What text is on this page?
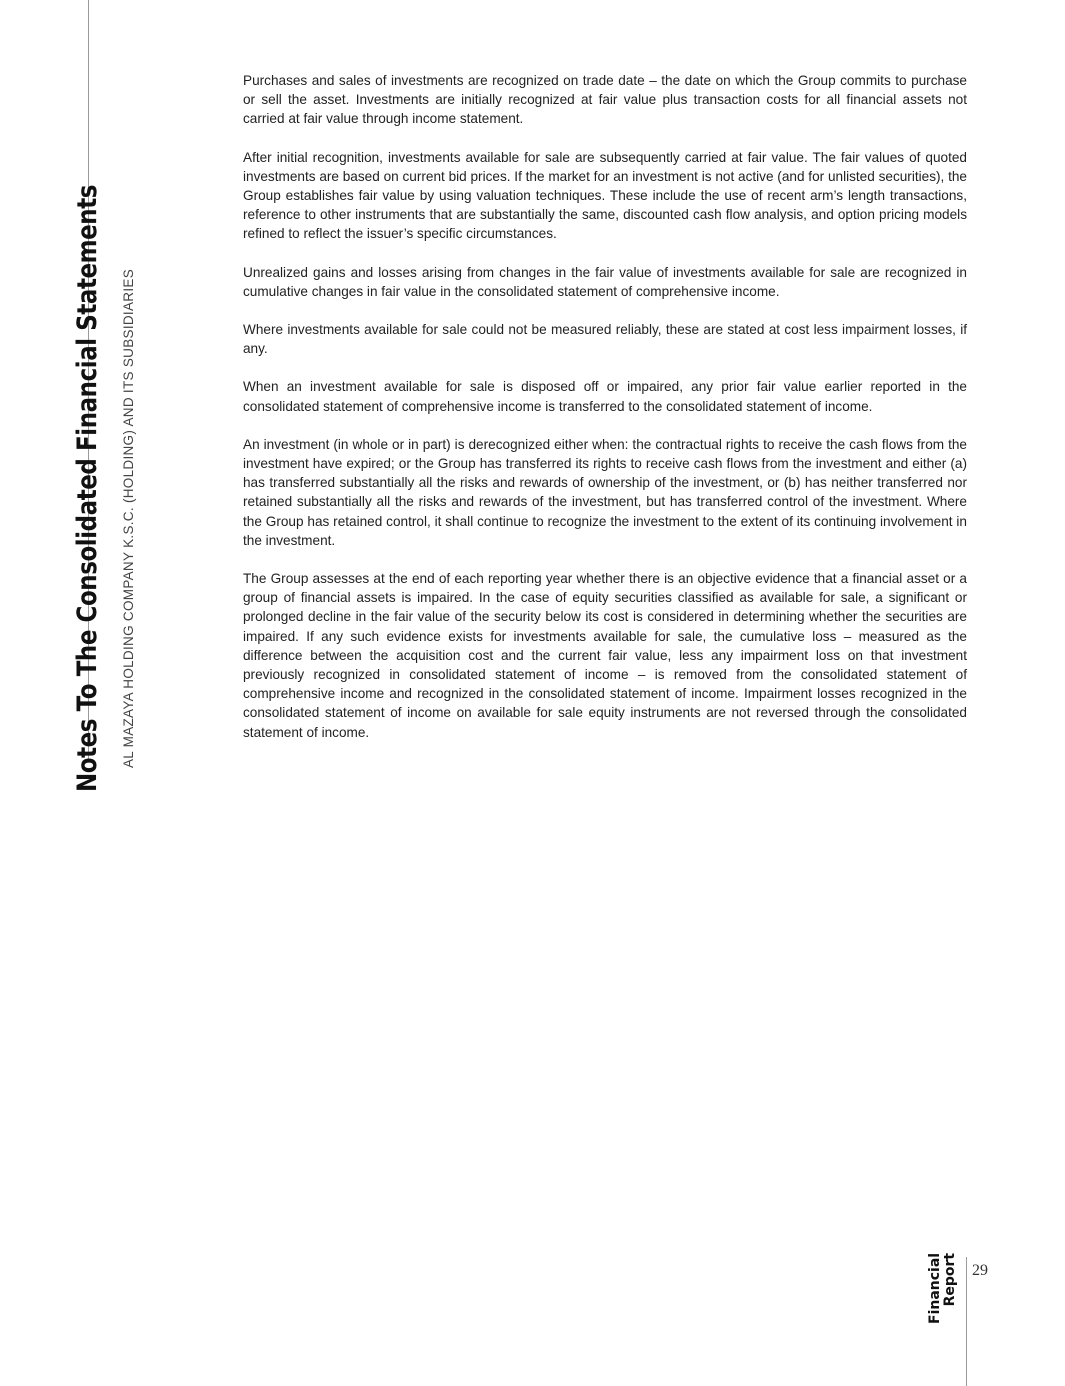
Notes To The Consolidated Financial Statements AL MAZAYA HOLDING COMPANY K.S.C. (HOLDING) AND ITS SUBSIDIARIES

Purchases and sales of investments are recognized on trade date – the date on which the Group commits to purchase or sell the asset. Investments are initially recognized at fair value plus transaction costs for all financial assets not carried at fair value through income statement.

After initial recognition, investments available for sale are subsequently carried at fair value. The fair values of quoted investments are based on current bid prices. If the market for an investment is not active (and for unlisted securities), the Group establishes fair value by using valuation techniques. These include the use of recent arm’s length transactions, reference to other instruments that are substantially the same, discounted cash flow analysis, and option pricing models refined to reflect the issuer’s specific circumstances.

Unrealized gains and losses arising from changes in the fair value of investments available for sale are recognized in cumulative changes in fair value in the consolidated statement of comprehensive income.

Where investments available for sale could not be measured reliably, these are stated at cost less impairment losses, if any.

When an investment available for sale is disposed off or impaired, any prior fair value earlier reported in the consolidated statement of comprehensive income is transferred to the consolidated statement of income.

An investment (in whole or in part) is derecognized either when: the contractual rights to receive the cash flows from the investment have expired; or the Group has transferred its rights to receive cash flows from the investment and either (a) has transferred substantially all the risks and rewards of ownership of the investment, or (b) has neither transferred nor retained substantially all the risks and rewards of the investment, but has transferred control of the investment. Where the Group has retained control, it shall continue to recognize the investment to the extent of its continuing involvement in the investment.

The Group assesses at the end of each reporting year whether there is an objective evidence that a financial asset or a group of financial assets is impaired. In the case of equity securities classified as available for sale, a significant or prolonged decline in the fair value of the security below its cost is considered in determining whether the securities are impaired. If any such evidence exists for investments available for sale, the cumulative loss – measured as the difference between the acquisition cost and the current fair value, less any impairment loss on that investment previously recognized in consolidated statement of income – is removed from the consolidated statement of comprehensive income and recognized in the consolidated statement of income. Impairment losses recognized in the consolidated statement of income on available for sale equity instruments are not reversed through the consolidated statement of income.

Financial Report 29
